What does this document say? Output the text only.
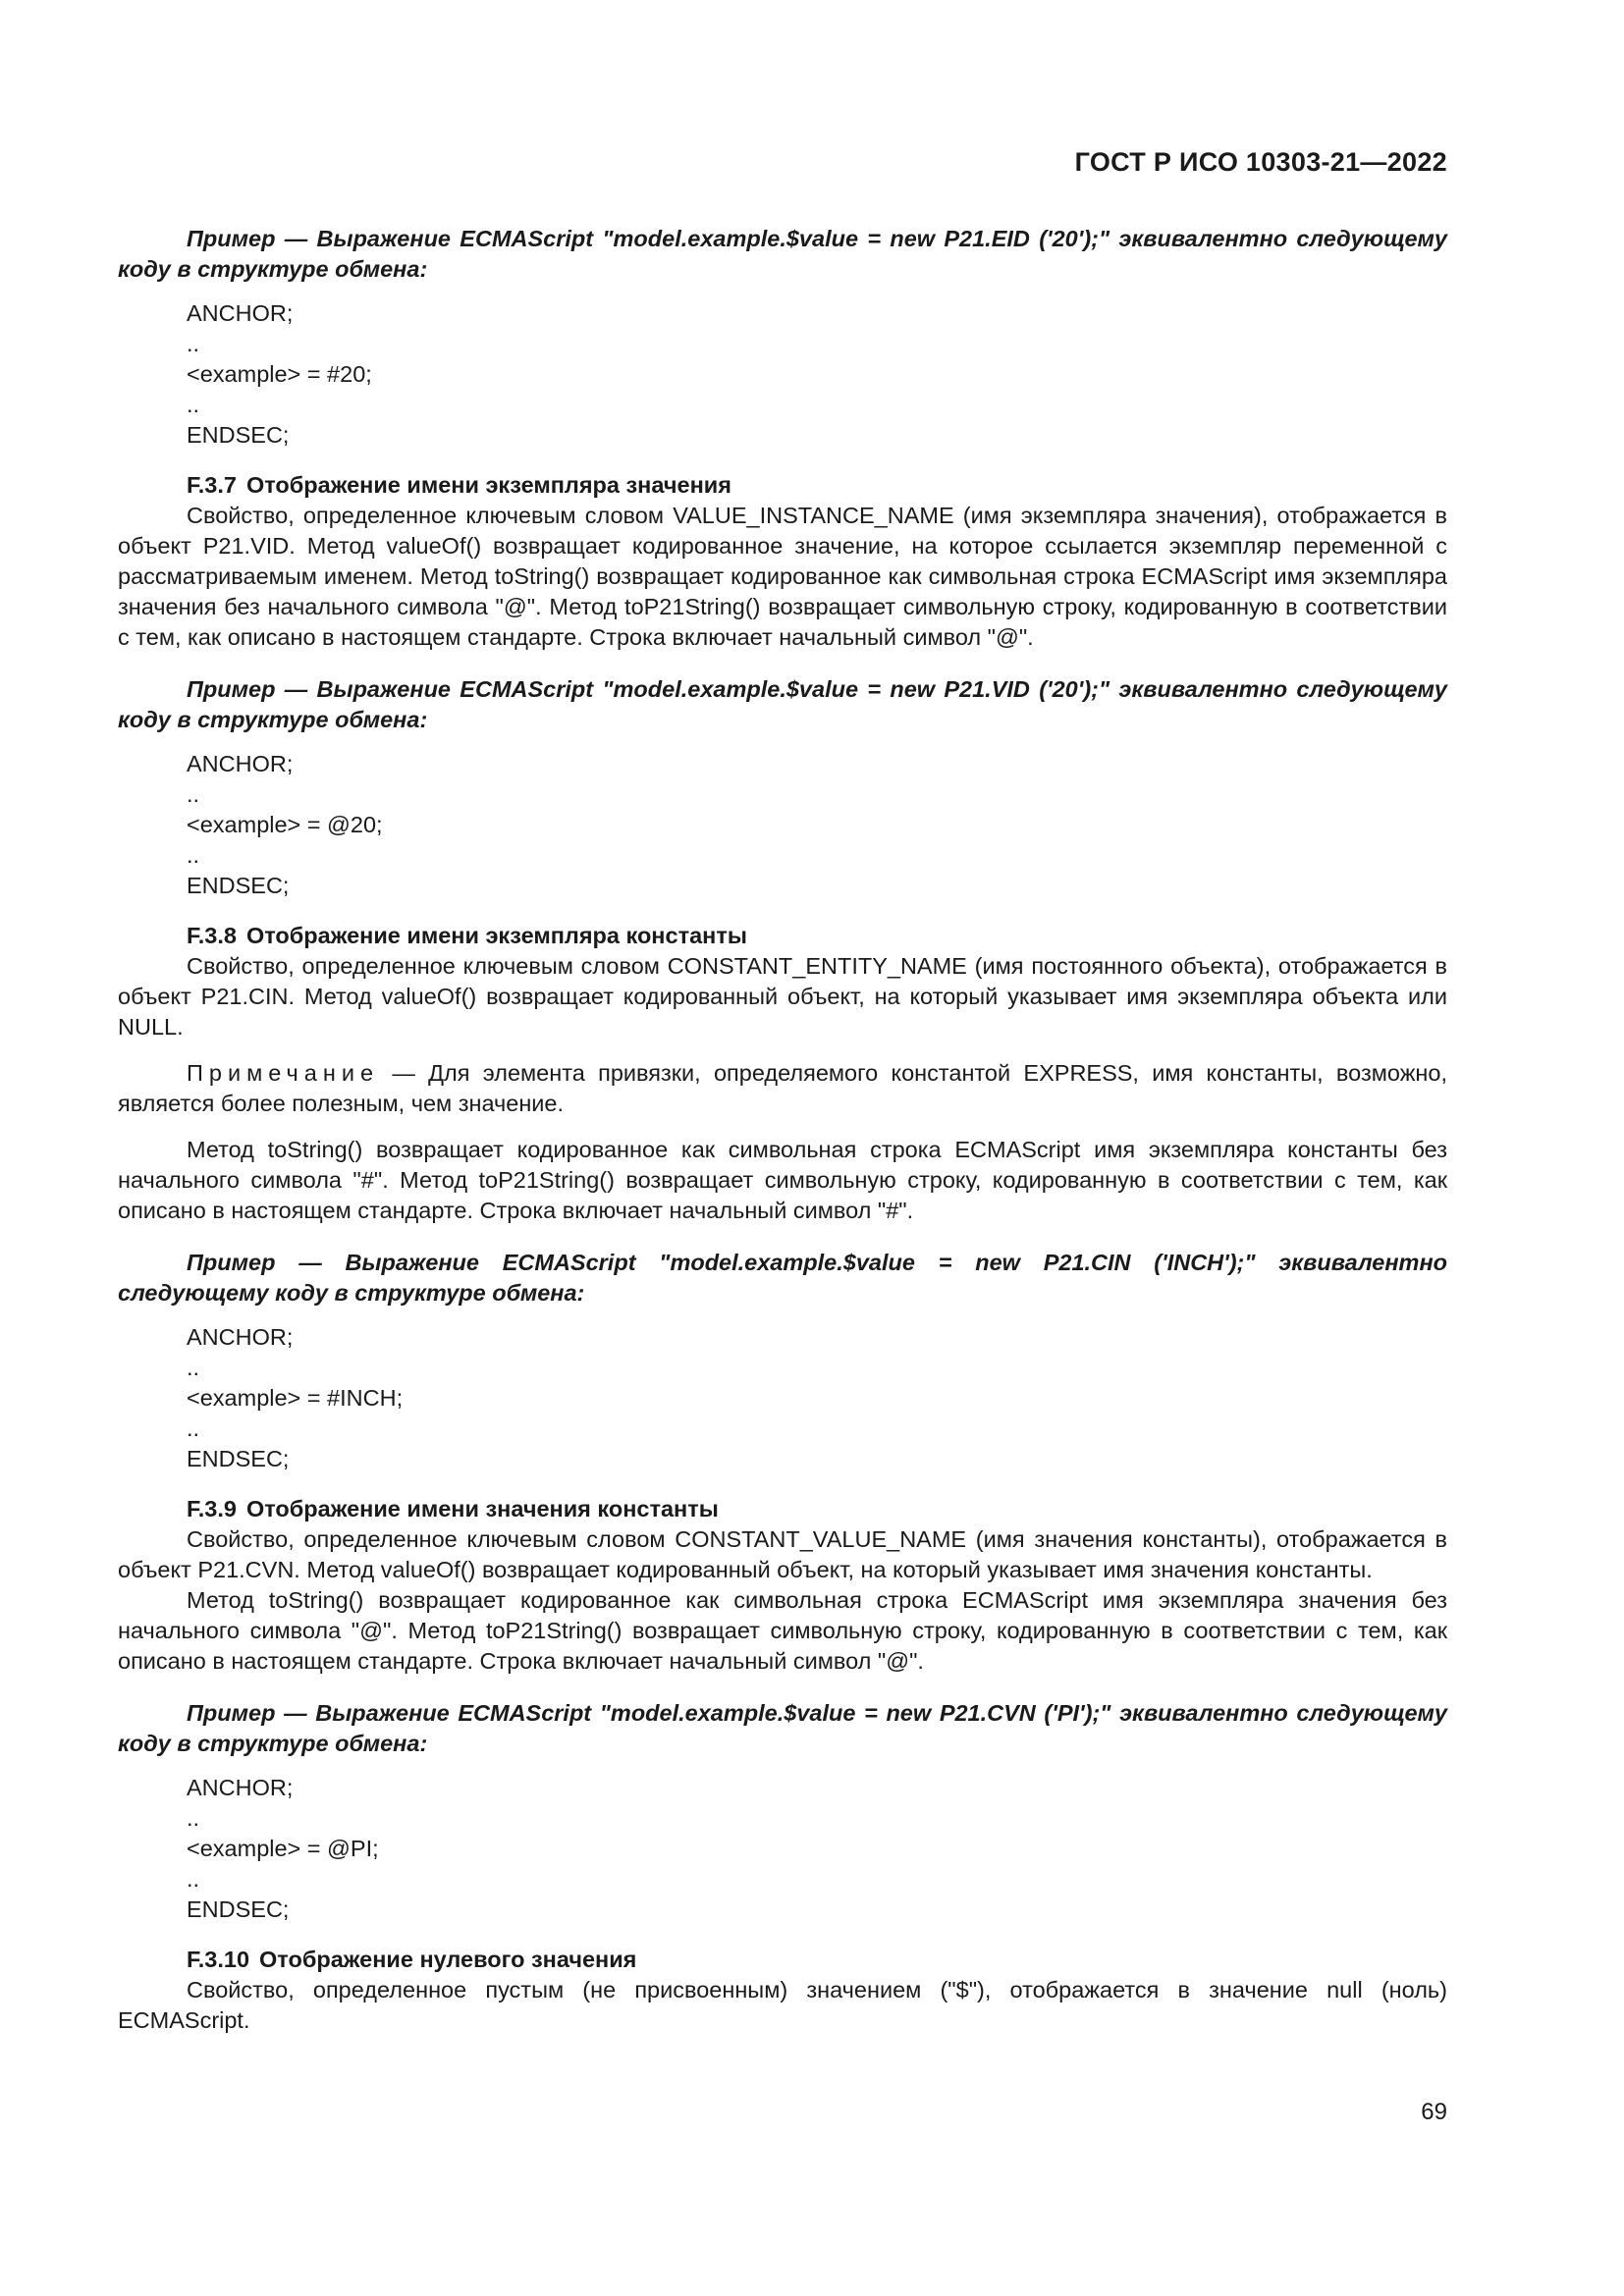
ГОСТ Р ИСО 10303-21—2022

Пример — Выражение ECMAScript "model.example.$value = new P21.EID ('20');" эквивалентно следующему коду в структуре обмена:

ANCHOR;
..
<example> = #20;
..
ENDSEC;

F.3.7 Отображение имени экземпляра значения

Свойство, определенное ключевым словом VALUE_INSTANCE_NAME (имя экземпляра значения), отображается в объект P21.VID. Метод valueOf() возвращает кодированное значение, на которое ссылается экземпляр переменной с рассматриваемым именем. Метод toString() возвращает кодированное как символьная строка ECMAScript имя экземпляра значения без начального символа "@". Метод toP21String() возвращает символьную строку, кодированную в соответствии с тем, как описано в настоящем стандарте. Строка включает начальный символ "@".

Пример — Выражение ECMAScript "model.example.$value = new P21.VID ('20');" эквивалентно следующему коду в структуре обмена:

ANCHOR;
..
<example> = @20;
..
ENDSEC;

F.3.8 Отображение имени экземпляра константы

Свойство, определенное ключевым словом CONSTANT_ENTITY_NAME (имя постоянного объекта), отображается в объект P21.CIN. Метод valueOf() возвращает кодированный объект, на который указывает имя экземпляра объекта или NULL.

Примечание — Для элемента привязки, определяемого константой EXPRESS, имя константы, возможно, является более полезным, чем значение.

Метод toString() возвращает кодированное как символьная строка ECMAScript имя экземпляра константы без начального символа "#". Метод toP21String() возвращает символьную строку, кодированную в соответствии с тем, как описано в настоящем стандарте. Строка включает начальный символ "#".

Пример — Выражение ECMAScript "model.example.$value = new P21.CIN ('INCH');" эквивалентно следующему коду в структуре обмена:

ANCHOR;
..
<example> = #INCH;
..
ENDSEC;

F.3.9 Отображение имени значения константы

Свойство, определенное ключевым словом CONSTANT_VALUE_NAME (имя значения константы), отображается в объект P21.CVN. Метод valueOf() возвращает кодированный объект, на который указывает имя значения константы.

Метод toString() возвращает кодированное как символьная строка ECMAScript имя экземпляра значения без начального символа "@". Метод toP21String() возвращает символьную строку, кодированную в соответствии с тем, как описано в настоящем стандарте. Строка включает начальный символ "@".

Пример — Выражение ECMAScript "model.example.$value = new P21.CVN ('PI');" эквивалентно следующему коду в структуре обмена:

ANCHOR;
..
<example> = @PI;
..
ENDSEC;

F.3.10 Отображение нулевого значения

Свойство, определенное пустым (не присвоенным) значением ("$"), отображается в значение null (ноль) ECMAScript.

69
